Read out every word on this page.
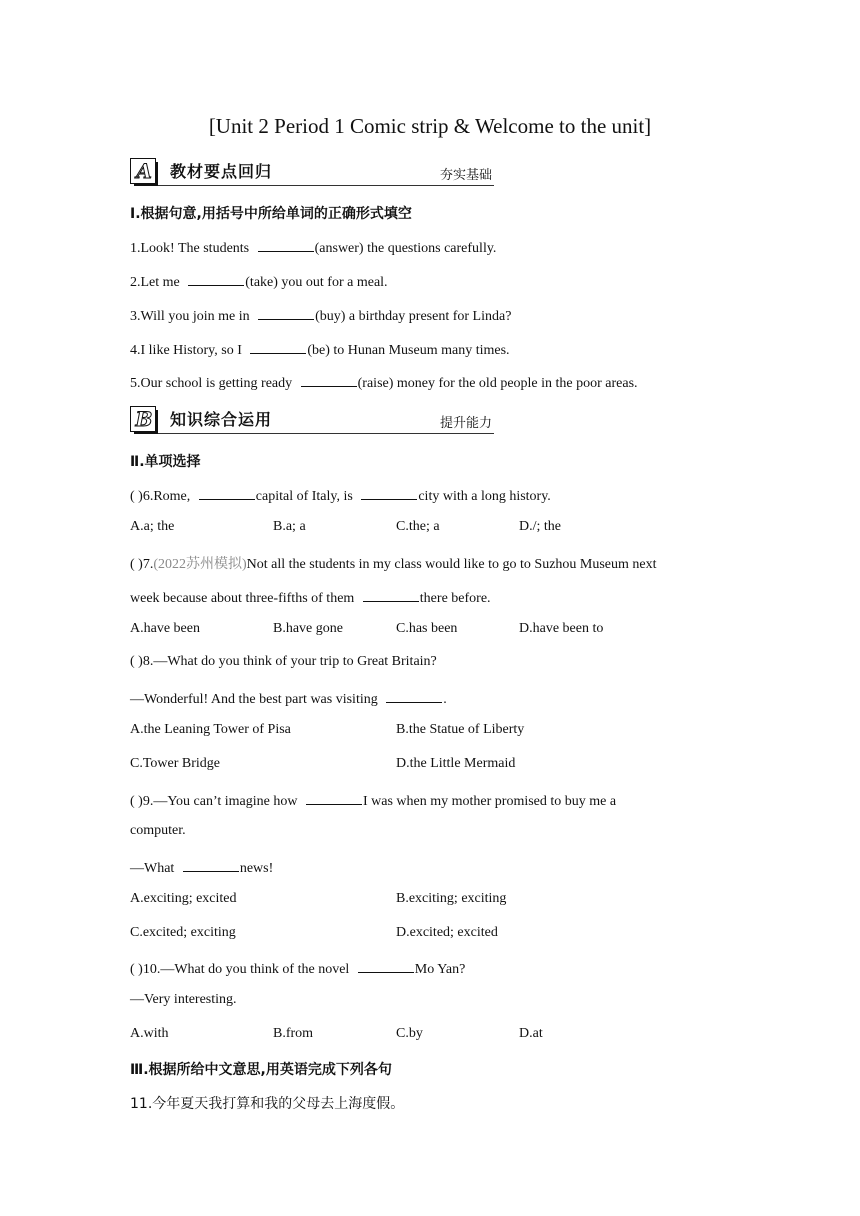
[Unit 2 Period 1 Comic strip & Welcome to the unit]
A	教材要点回归	夯实基础
Ⅰ.根据句意,用括号中所给单词的正确形式填空
1.Look! The students	(answer) the questions carefully.
2.Let me	(take) you out for a meal.
3.Will you join me in	(buy) a birthday present for Linda?
4.I like History, so I	(be) to Hunan Museum many times.
5.Our school is getting ready	(raise) money for the old people in the poor areas.
B 知识综合运用	提升能力
Ⅱ.单项选择
( )6.Rome,	capital of Italy, is	city with a long history.
A.a; the	B.a; a	C.the; a	D./; the
( )7.(2022苏州模拟)Not all the students in my class would like to go to Suzhou Museum next
week because about three-fifths of them	there before.
A.have been	B.have gone	C.has been	D.have been to
( )8.—What do you think of your trip to Great Britain?
—Wonderful! And the best part was visiting	.
A.the Leaning Tower of Pisa	B.the Statue of Liberty
C.Tower Bridge	D.the Little Mermaid
( )9.—You can’t imagine how	I was when my mother promised to buy me a
computer.
—What	news!
A.exciting; excited	B.exciting; exciting
C.excited; exciting	D.excited; excited
( )10.—What do you think of the novel	Mo Yan?
—Very interesting.
A.with	B.from	C.by	D.at
Ⅲ.根据所给中文意思,用英语完成下列各句
11.今年夏天我打算和我的父母去上海度假。
